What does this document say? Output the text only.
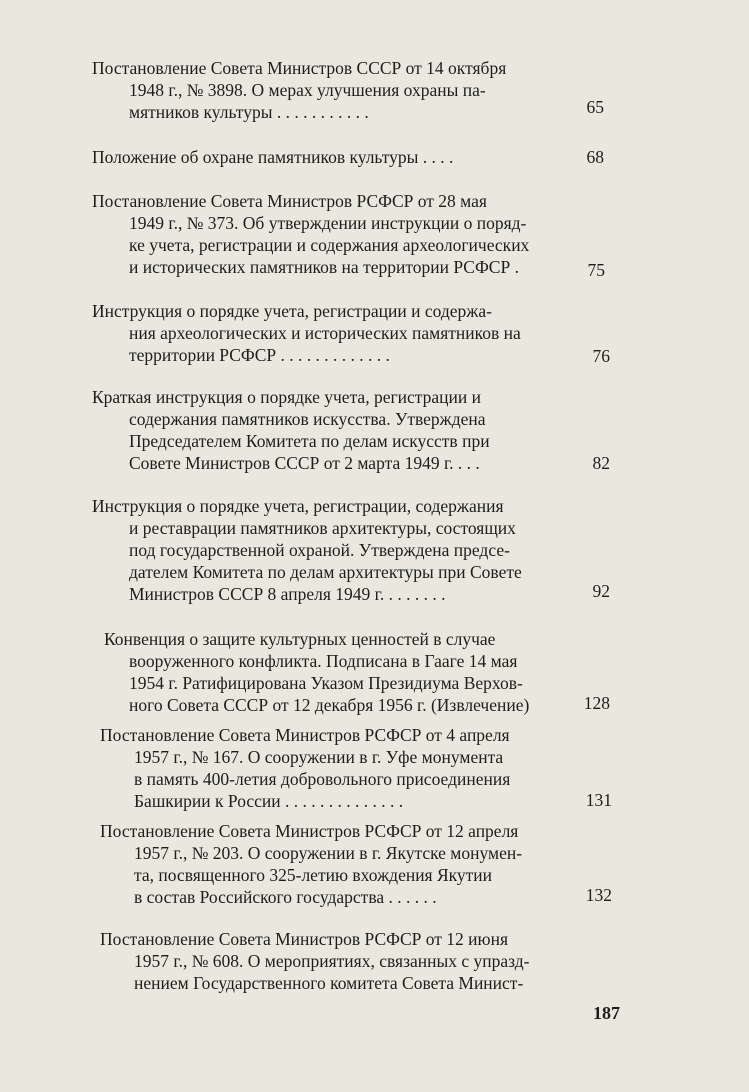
Постановление Совета Министров СССР от 14 октября
1948 г., № 3898. О мерах улучшения охраны па-
мятников культуры . . . . . . . . . . .	65
Положение об охране памятников культуры . . . .	68
Постановление Совета Министров РСФСР от 28 мая
1949 г., № 373. Об утверждении инструкции о поряд-
ке учета, регистрации и содержания археологических
и исторических памятников на территории РСФСР .	75
Инструкция о порядке учета, регистрации и содержа-
ния археологических и исторических памятников на
территории РСФСР . . . . . . . . . . . . .	76
Краткая инструкция о порядке учета, регистрации и
содержания памятников искусства. Утверждена
Председателем Комитета по делам искусств при
Совете Министров СССР от 2 марта 1949 г. . . .	82
Инструкция о порядке учета, регистрации, содержания
и реставрации памятников архитектуры, состоящих
под государственной охраной. Утверждена предсе-
дателем Комитета по делам архитектуры при Совете
Министров СССР 8 апреля 1949 г. . . . . . . .	92
Конвенция о защите культурных ценностей в случае
вооруженного конфликта. Подписана в Гааге 14 мая
1954 г. Ратифицирована Указом Президиума Верхов-
ного Совета СССР от 12 декабря 1956 г. (Извлечение)	128
Постановление Совета Министров РСФСР от 4 апреля
1957 г., № 167. О сооружении в г. Уфе монумента
в память 400-летия добровольного присоединения
Башкирии к России . . . . . . . . . . . . . .	131
Постановление Совета Министров РСФСР от 12 апреля
1957 г., № 203. О сооружении в г. Якутске монумен-
та, посвященного 325-летию вхождения Якутии
в состав Российского государства . . . . . .	132
Постановление Совета Министров РСФСР от 12 июня
1957 г., № 608. О мероприятиях, связанных с упразд-
нением Государственного комитета Совета Минист-
187
